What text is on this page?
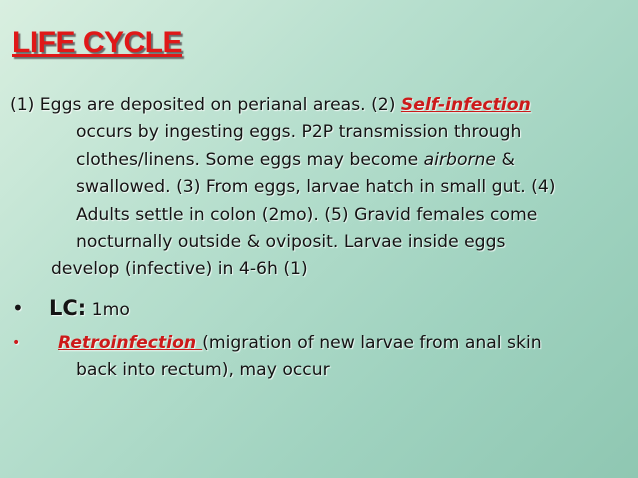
LIFE CYCLE
(1) Eggs are deposited on perianal areas. (2) Self-infection
occurs by ingesting eggs. P2P transmission through
clothes/linens. Some eggs may become airborne &
swallowed. (3) From eggs, larvae hatch in small gut. (4)
Adults settle in colon (2mo). (5) Gravid females come
nocturnally outside & oviposit. Larvae inside eggs
develop (infective) in 4-6h (1)
• LC: 1mo
•	Retroinfection (migration of new larvae from anal skin
back into rectum), may occur
